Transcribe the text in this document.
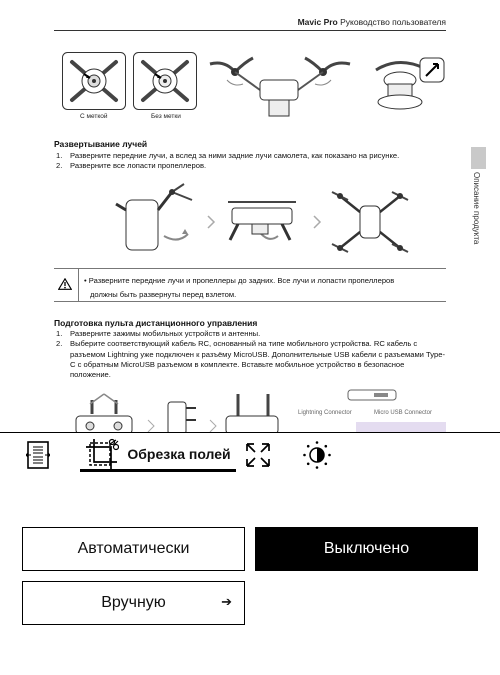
Mavic Pro Руководство пользователя
Описание продукта
С меткой	Без метки
Развертывание лучей
1. Разверните передние лучи, а вслед за ними задние лучи самолета, как показано на рисунке.
2. Разверните все лопасти пропеллеров.
• Разверните передние лучи и пропеллеры до задних. Все лучи и лопасти пропеллеров
должны быть развернуты перед взлетом.
Подготовка пульта дистанционного управления
1. Разверните зажимы мобильных устройств и антенны.
2. Выберите соответствующий кабель RC, основанный на типе мобильного устройства. RC кабель с разъемом Lightning уже подключен к разъёму MicroUSB. Дополнительные USB кабели с разъемами Type-C с обратным MicroUSB разъемом в комплекте. Вставьте мобильное устройство в безопасное положение.
Lightning Connector	Micro USB Connector
Обрезка полей
Автоматически	Выключено
Вручную	➔
